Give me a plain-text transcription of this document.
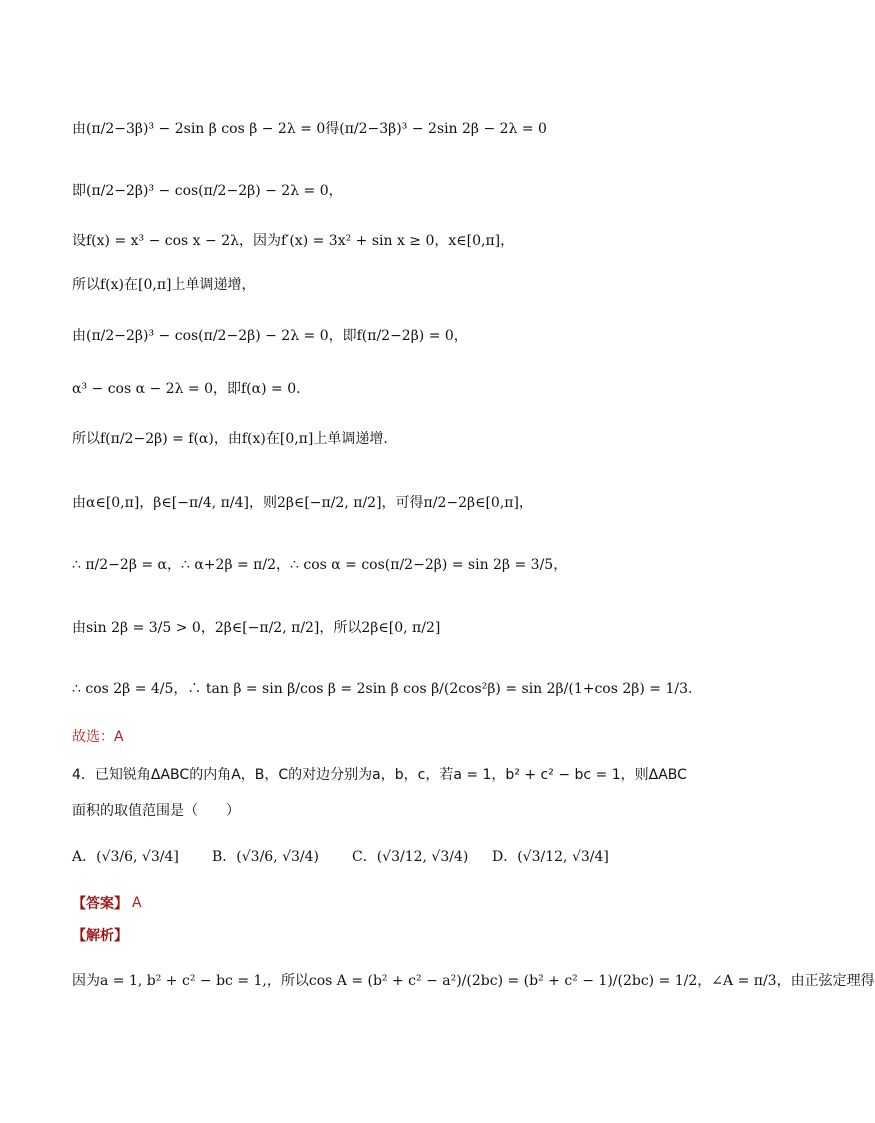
由(π/2−3β)³ − 2sin β cos β − 2λ = 0得(π/2−3β)³ − 2sin 2β − 2λ = 0
即(π/2−2β)³ − cos(π/2−2β) − 2λ = 0，
设f(x) = x³ − cos x − 2λ，因为f′(x) = 3x² + sin x ≥ 0，x∈[0,π]，
所以f(x)在[0,π]上单调递增，
由(π/2−2β)³ − cos(π/2−2β) − 2λ = 0，即f(π/2−2β) = 0，
α³ − cos α − 2λ = 0，即f(α) = 0.
所以f(π/2−2β) = f(α)，由f(x)在[0,π]上单调递增.
由α∈[0,π]，β∈[−π/4, π/4]，则2β∈[−π/2, π/2]，可得π/2−2β∈[0,π]，
∴ π/2−2β = α，∴ α+2β = π/2，∴ cos α = cos(π/2−2β) = sin 2β = 3/5，
由sin 2β = 3/5 > 0，2β∈[−π/2, π/2]，所以2β∈[0, π/2]
∴ cos 2β = 4/5，∴ tan β = sin β/cos β = 2sin β cos β/(2cos²β) = sin 2β/(1+cos 2β) = 1/3.
故选：A
4．已知锐角ΔABC的内角A，B，C的对边分别为a，b，c，若a = 1，b² + c² − bc = 1，则ΔABC
面积的取值范围是（　　）
A．(√3/6, √3/4]	B．(√3/6, √3/4)	C．(√3/12, √3/4)	D．(√3/12, √3/4]
【答案】 A
【解析】
因为a = 1, b² + c² − bc = 1,，所以cos A = (b² + c² − a²)/(2bc) = (b² + c² − 1)/(2bc) = 1/2，∠A = π/3，由正弦定理得
